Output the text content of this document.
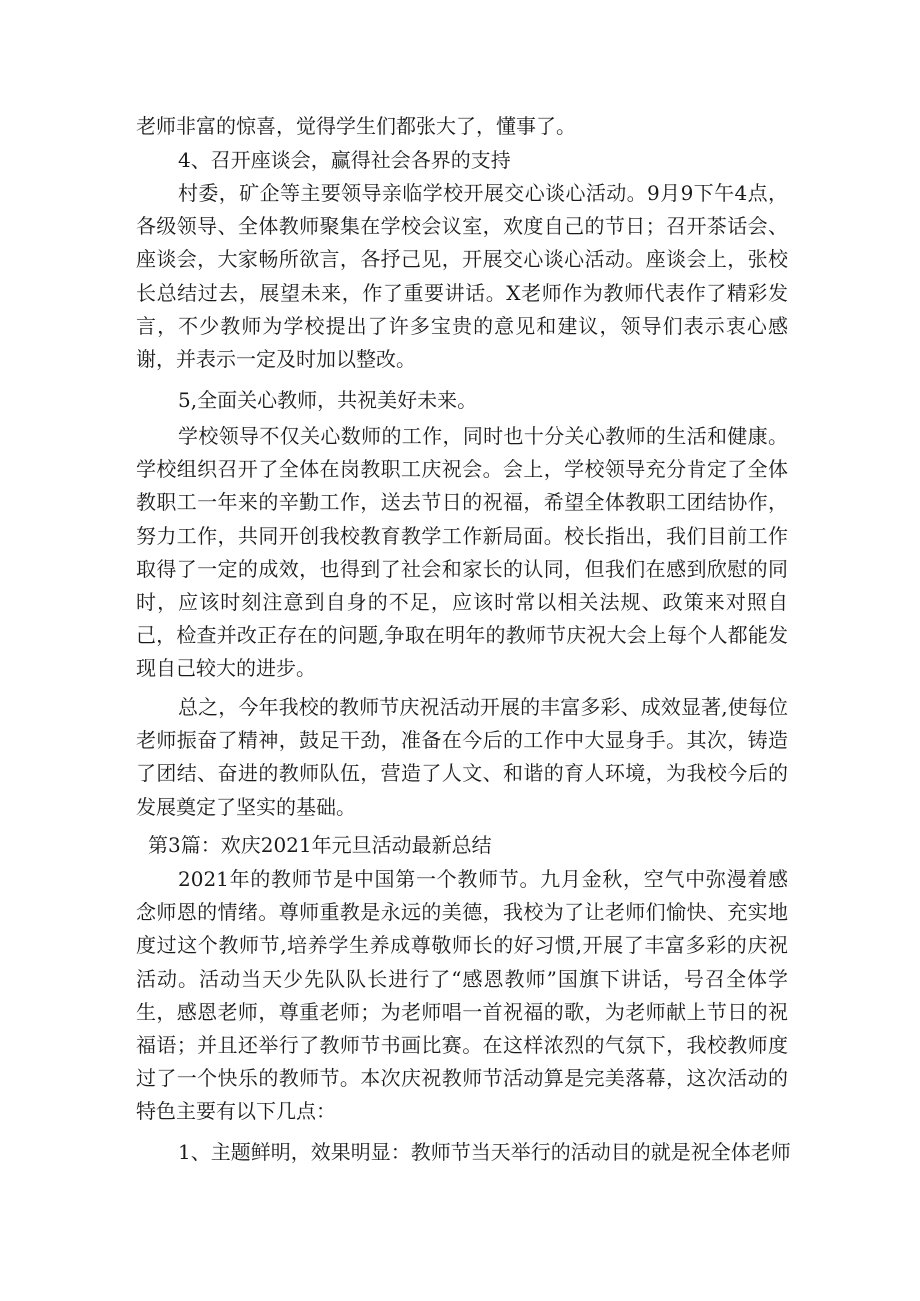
老师非富的惊喜，觉得学生们都张大了，懂事了。

4、召开座谈会，赢得社会各界的支持

村委，矿企等主要领导亲临学校开展交心谈心活动。9月9下午4点，各级领导、全体教师聚集在学校会议室，欢度自己的节日；召开茶话会、座谈会，大家畅所欲言，各抒己见，开展交心谈心活动。座谈会上，张校长总结过去，展望未来，作了重要讲话。X老师作为教师代表作了精彩发言，不少教师为学校提出了许多宝贵的意见和建议，领导们表示衷心感谢，并表示一定及时加以整改。

5,全面关心教师，共祝美好未来。

学校领导不仅关心数师的工作，同时也十分关心教师的生活和健康。学校组织召开了全体在岗教职工庆祝会。会上，学校领导充分肯定了全体教职工一年来的辛勤工作，送去节日的祝福，希望全体教职工团结协作，努力工作，共同开创我校教育教学工作新局面。校长指出，我们目前工作取得了一定的成效，也得到了社会和家长的认同，但我们在感到欣慰的同时，应该时刻注意到自身的不足，应该时常以相关法规、政策来对照自己，检查并改正存在的问题,争取在明年的教师节庆祝大会上每个人都能发现自己较大的进步。

总之，今年我校的教师节庆祝活动开展的丰富多彩、成效显著,使每位老师振奋了精神，鼓足干劲，准备在今后的工作中大显身手。其次，铸造了团结、奋进的教师队伍，营造了人文、和谐的育人环境，为我校今后的发展奠定了坚实的基础。

第3篇：欢庆2021年元旦活动最新总结

2021年的教师节是中国第一个教师节。九月金秋，空气中弥漫着感念师恩的情绪。尊师重教是永远的美德，我校为了让老师们愉快、充实地度过这个教师节,培养学生养成尊敬师长的好习惯,开展了丰富多彩的庆祝活动。活动当天少先队队长进行了“感恩教师”国旗下讲话，号召全体学生，感恩老师，尊重老师；为老师唱一首祝福的歌，为老师献上节日的祝福语；并且还举行了教师节书画比赛。在这样浓烈的气氛下，我校教师度过了一个快乐的教师节。本次庆祝教师节活动算是完美落幕，这次活动的特色主要有以下几点：

1、主题鲜明，效果明显：教师节当天举行的活动目的就是祝全体老师
